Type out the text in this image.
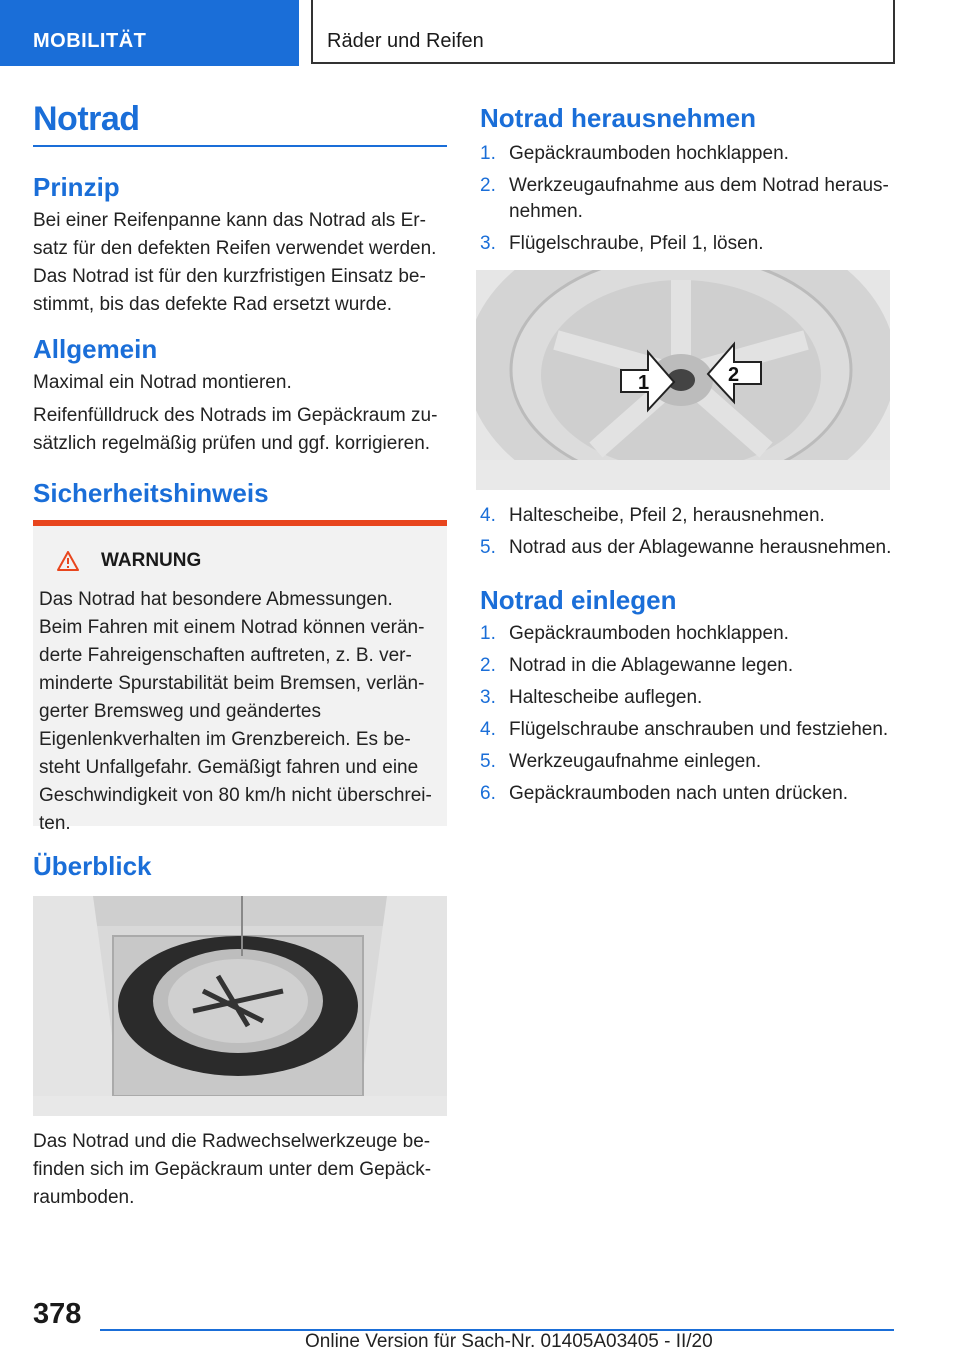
MOBILITÄT	Räder und Reifen
Notrad
Prinzip

Bei einer Reifenpanne kann das Notrad als Er‐satz für den defekten Reifen verwendet werden. Das Notrad ist für den kurzfristigen Einsatz be‐stimmt, bis das defekte Rad ersetzt wurde.

Allgemein

Maximal ein Notrad montieren.

Reifenfülldruck des Notrads im Gepäckraum zu‐sätzlich regelmäßig prüfen und ggf. korrigieren.

Sicherheitshinweis
WARNUNG
Das Notrad hat besondere Abmessungen. Beim Fahren mit einem Notrad können verän‐derte Fahreigenschaften auftreten, z. B. ver‐minderte Spurstabilität beim Bremsen, verlän‐gerter Bremsweg und geändertes Eigenlenkverhalten im Grenzbereich. Es be‐steht Unfallgefahr. Gemäßigt fahren und eine Geschwindigkeit von 80 km/h nicht überschrei‐ten.
Überblick

Das Notrad und die Radwechselwerkzeuge be‐finden sich im Gepäckraum unter dem Gepäck‐raumboden.

Notrad herausnehmen
1. Gepäckraumboden hochklappen.
2. Werkzeugaufnahme aus dem Notrad heraus‐nehmen.
3. Flügelschraube, Pfeil 1, lösen.
1	2
4. Haltescheibe, Pfeil 2, herausnehmen.
5. Notrad aus der Ablagewanne herausnehmen.
Notrad einlegen
1. Gepäckraumboden hochklappen.
2. Notrad in die Ablagewanne legen.
3. Haltescheibe auflegen.
4. Flügelschraube anschrauben und festziehen.
5. Werkzeugaufnahme einlegen.
6. Gepäckraumboden nach unten drücken.
378
Online Version für Sach-Nr. 01405A03405 - II/20
